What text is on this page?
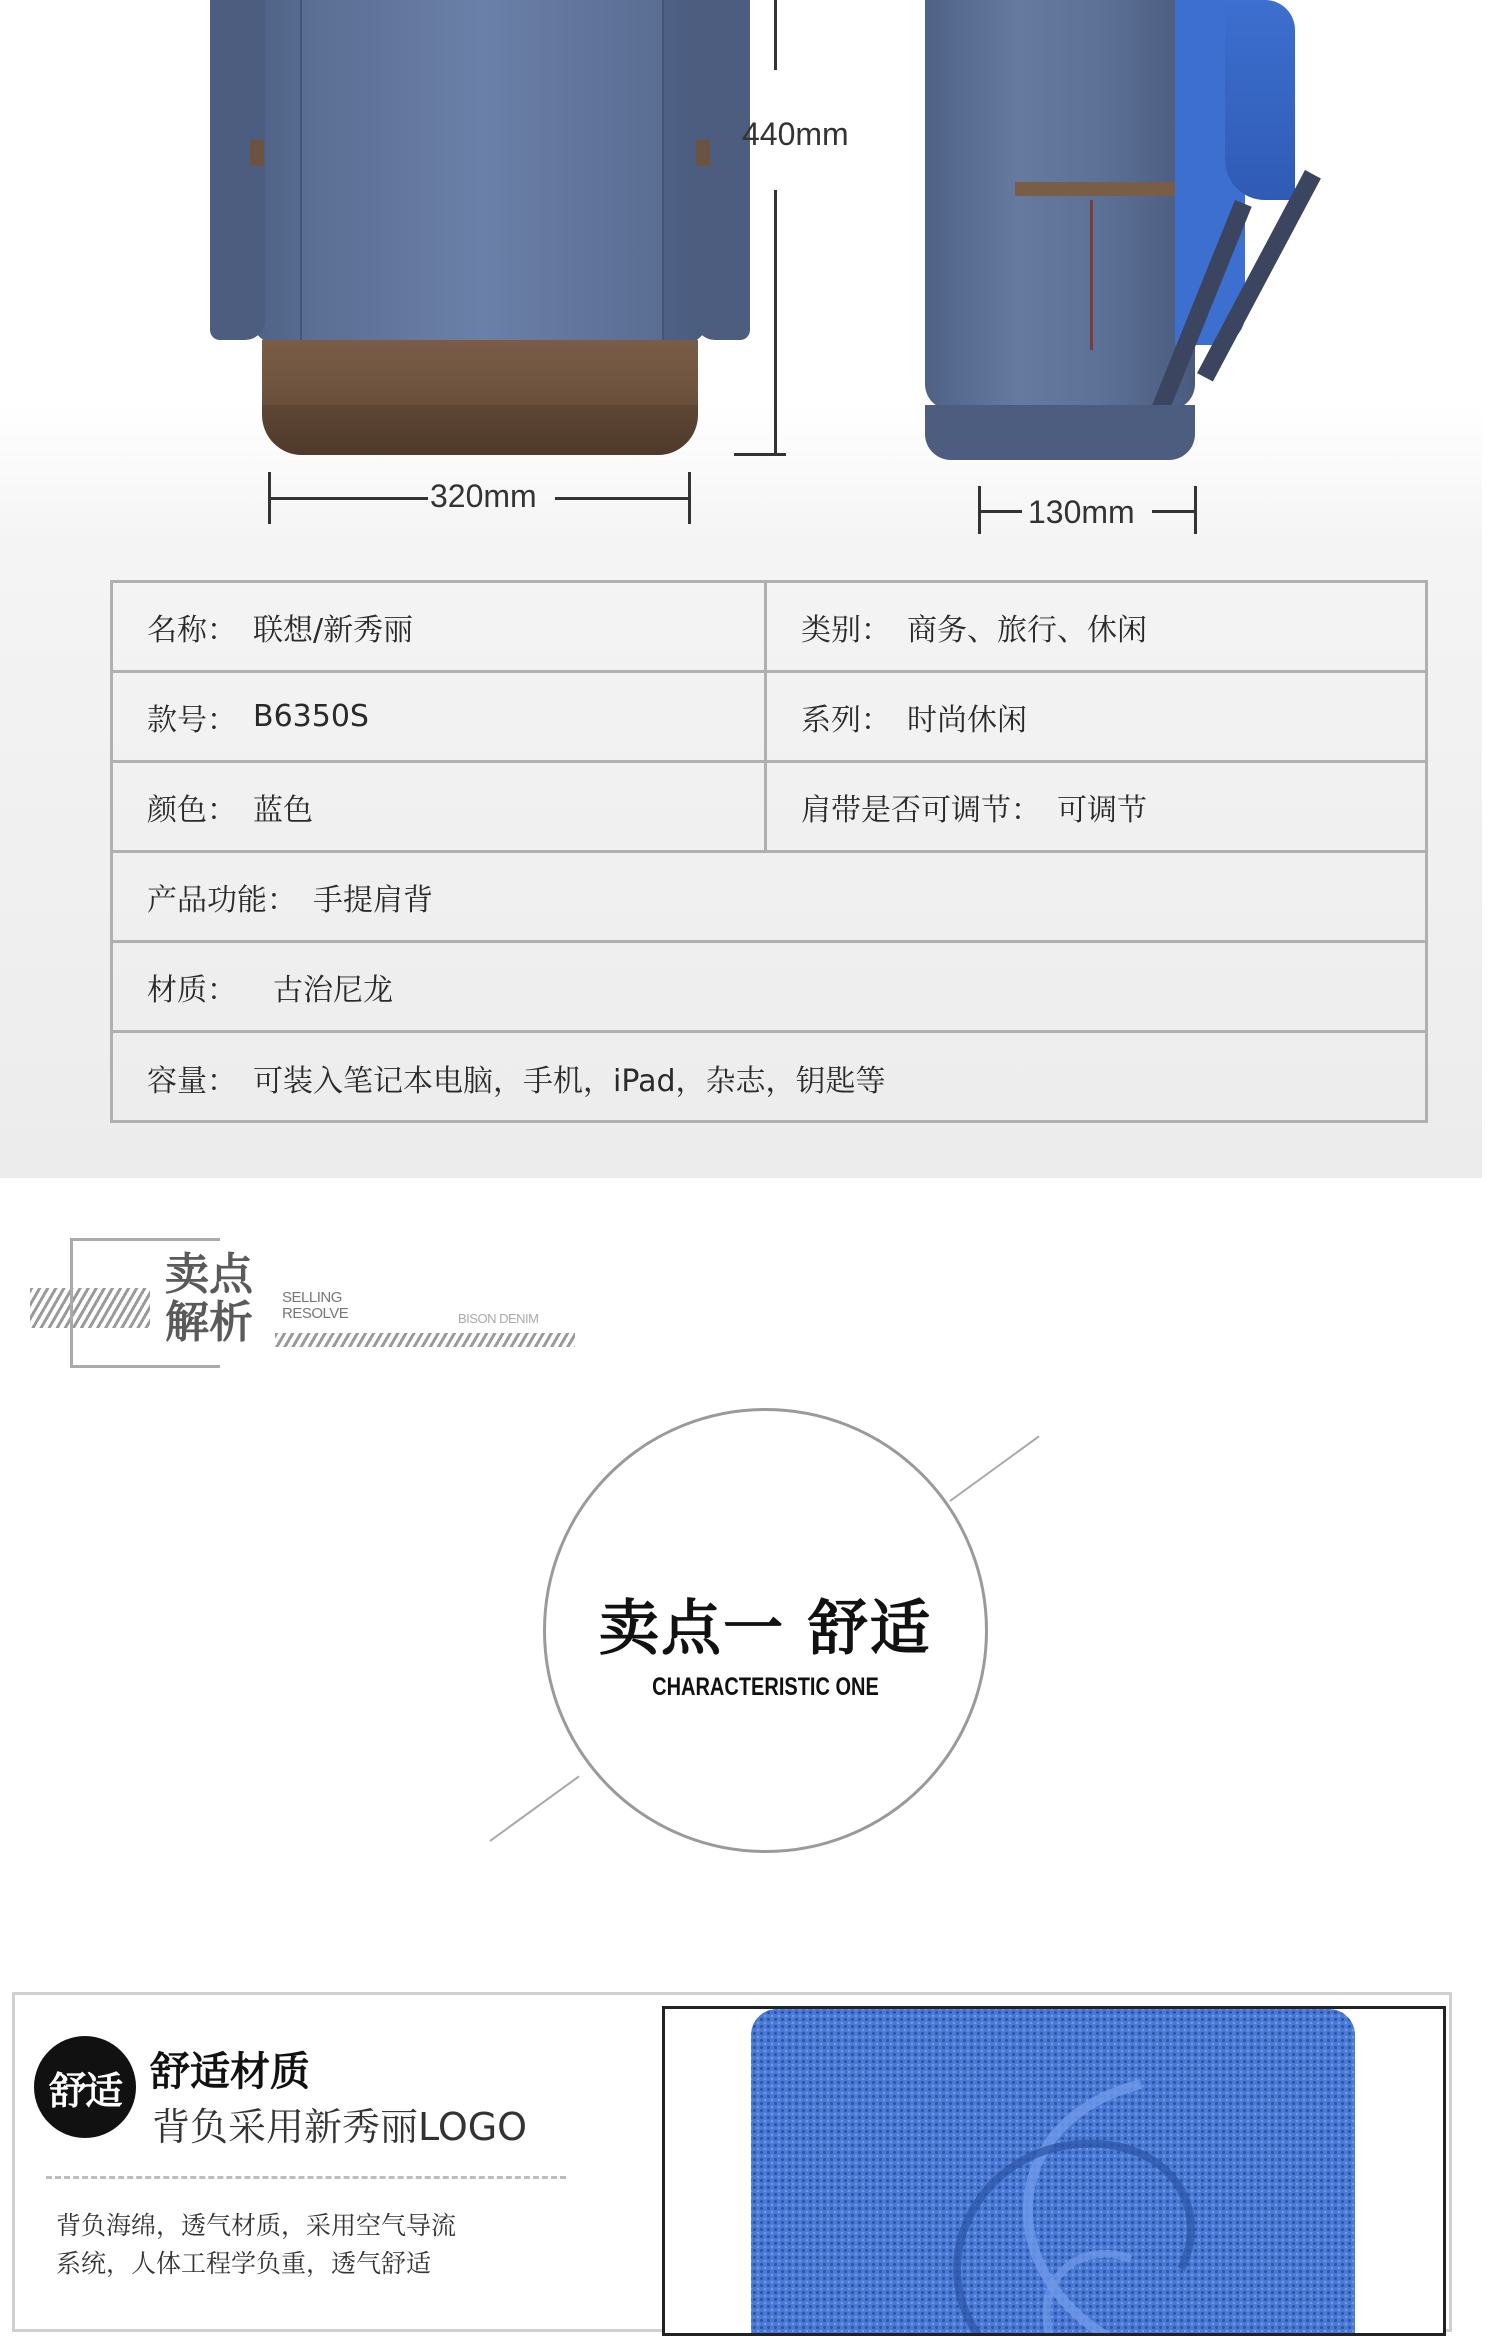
440mm
320mm	130mm
名称： 联想/新秀丽	类别： 商务、旅行、休闲
款号： B6350S	系列： 时尚休闲
颜色： 蓝色	肩带是否可调节： 可调节
产品功能： 手提肩背
材质： 古治尼龙
容量： 可装入笔记本电脑，手机，iPad，杂志，钥匙等
卖点
解析 SELLING
RESOLVE	BISON DENIM
卖点一 舒适
CHARACTERISTIC ONE
舒适 舒适材质
背负采用新秀丽LOGO
背负海绵，透气材质，采用空气导流
系统，人体工程学负重，透气舒适
